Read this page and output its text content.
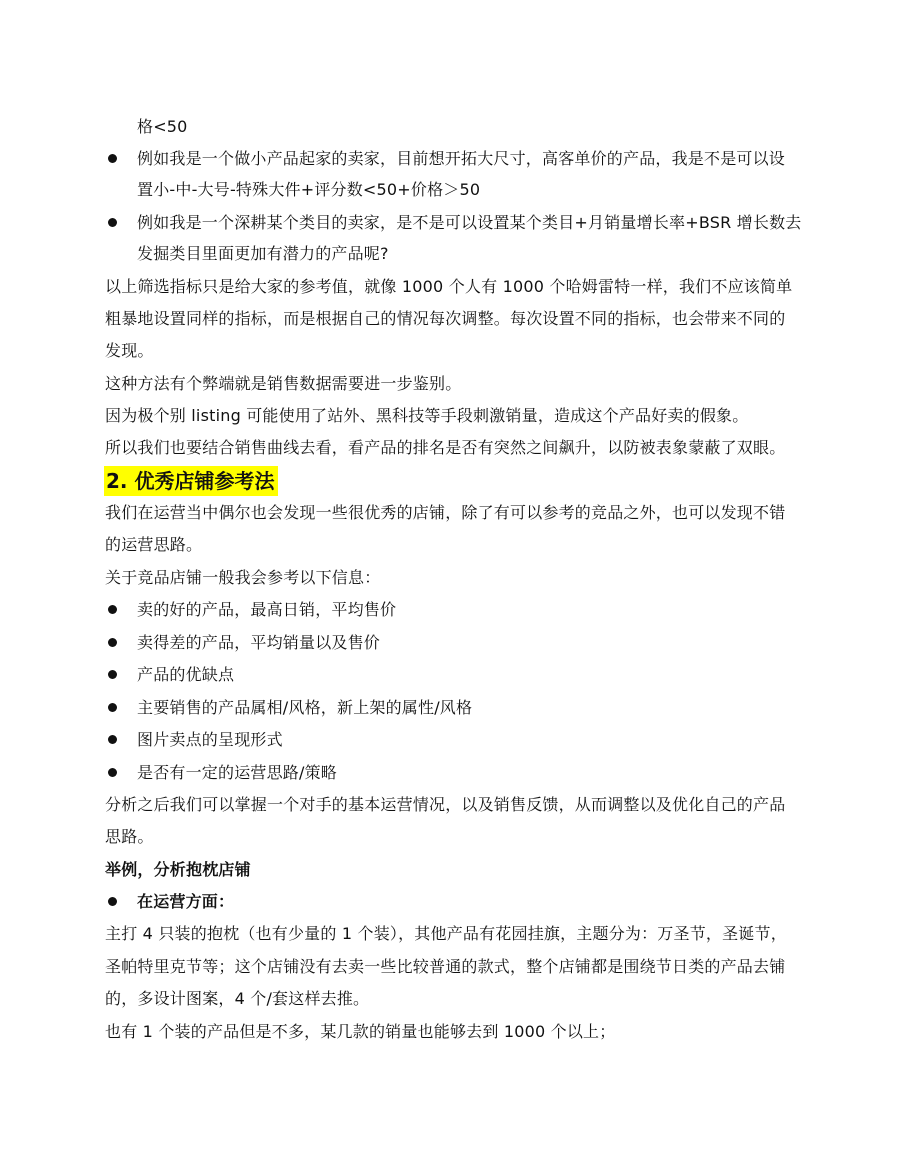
格<50
例如我是一个做小产品起家的卖家，目前想开拓大尺寸，高客单价的产品，我是不是可以设
置小-中-大号-特殊大件+评分数<50+价格＞50
例如我是一个深耕某个类目的卖家，是不是可以设置某个类目+月销量增长率+BSR 增长数去
发掘类目里面更加有潜力的产品呢?
以上筛选指标只是给大家的参考值，就像 1000 个人有 1000 个哈姆雷特一样，我们不应该简单
粗暴地设置同样的指标，而是根据自己的情况每次调整。每次设置不同的指标，也会带来不同的
发现。
这种方法有个弊端就是销售数据需要进一步鉴别。
因为极个别 listing 可能使用了站外、黑科技等手段刺激销量，造成这个产品好卖的假象。
所以我们也要结合销售曲线去看，看产品的排名是否有突然之间飙升，以防被表象蒙蔽了双眼。
2. 优秀店铺参考法
我们在运营当中偶尔也会发现一些很优秀的店铺，除了有可以参考的竞品之外，也可以发现不错
的运营思路。
关于竞品店铺一般我会参考以下信息：
卖的好的产品，最高日销，平均售价
卖得差的产品，平均销量以及售价
产品的优缺点
主要销售的产品属相/风格，新上架的属性/风格
图片卖点的呈现形式
是否有一定的运营思路/策略
分析之后我们可以掌握一个对手的基本运营情况，以及销售反馈，从而调整以及优化自己的产品
思路。
举例，分析抱枕店铺
在运营方面：
主打 4 只装的抱枕（也有少量的 1 个装），其他产品有花园挂旗，主题分为：万圣节，圣诞节，
圣帕特里克节等；这个店铺没有去卖一些比较普通的款式，整个店铺都是围绕节日类的产品去铺
的，多设计图案，4 个/套这样去推。
也有 1 个装的产品但是不多，某几款的销量也能够去到 1000 个以上；
